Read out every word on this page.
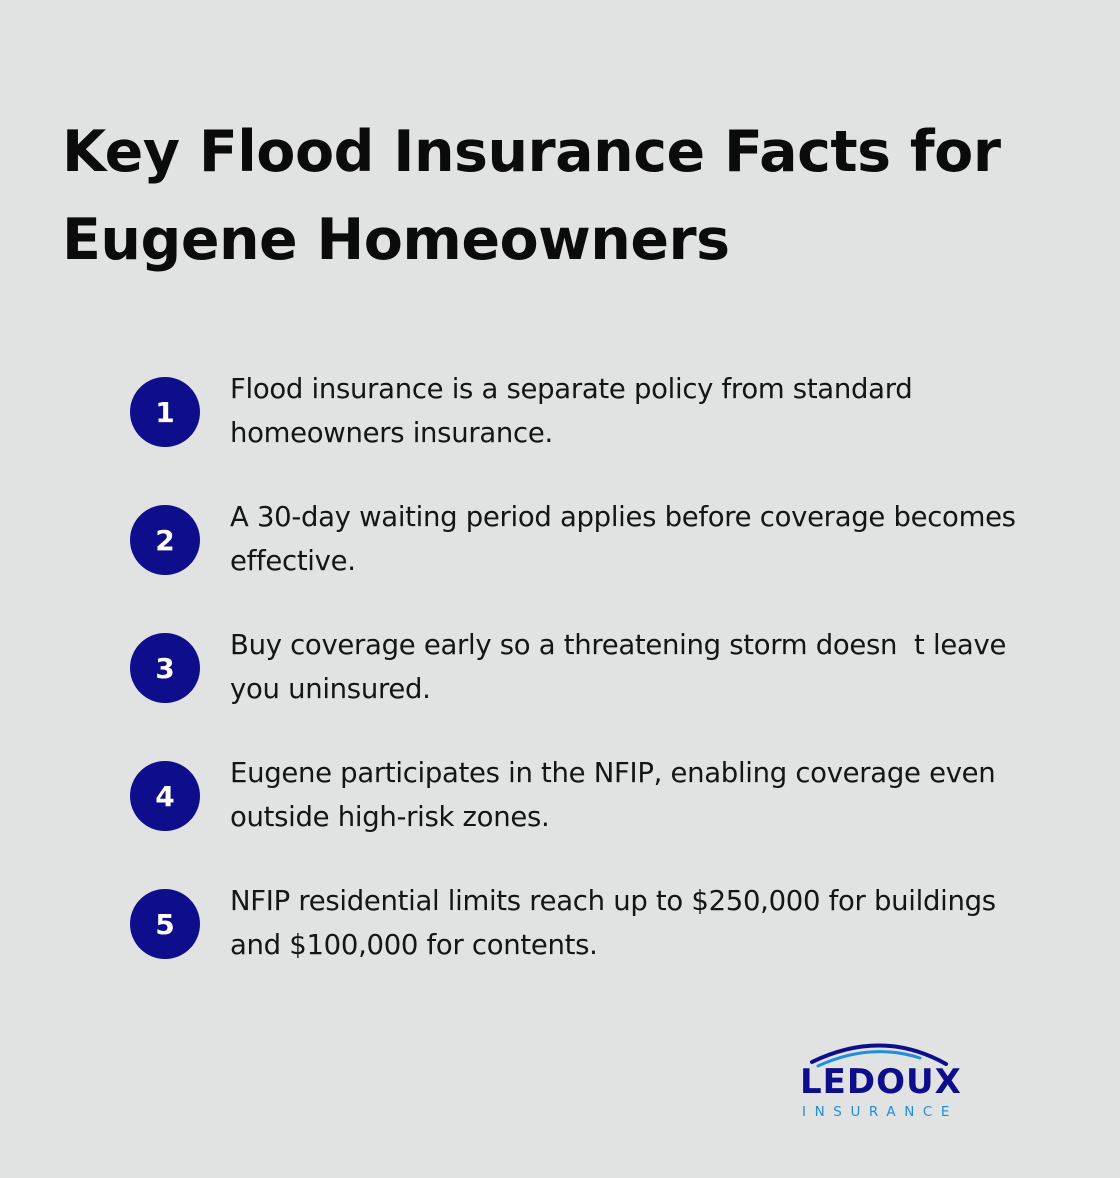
Key Flood Insurance Facts for
Eugene Homeowners
1
Flood insurance is a separate policy from standard homeowners insurance.
2
A 30-day waiting period applies before coverage becomes effective.
3
Buy coverage early so a threatening storm doesn  t leave you uninsured.
4
Eugene participates in the NFIP, enabling coverage even outside high-risk zones.
5
NFIP residential limits reach up to $250,000 for buildings and $100,000 for contents.
LEDOUX
INSURANCE
